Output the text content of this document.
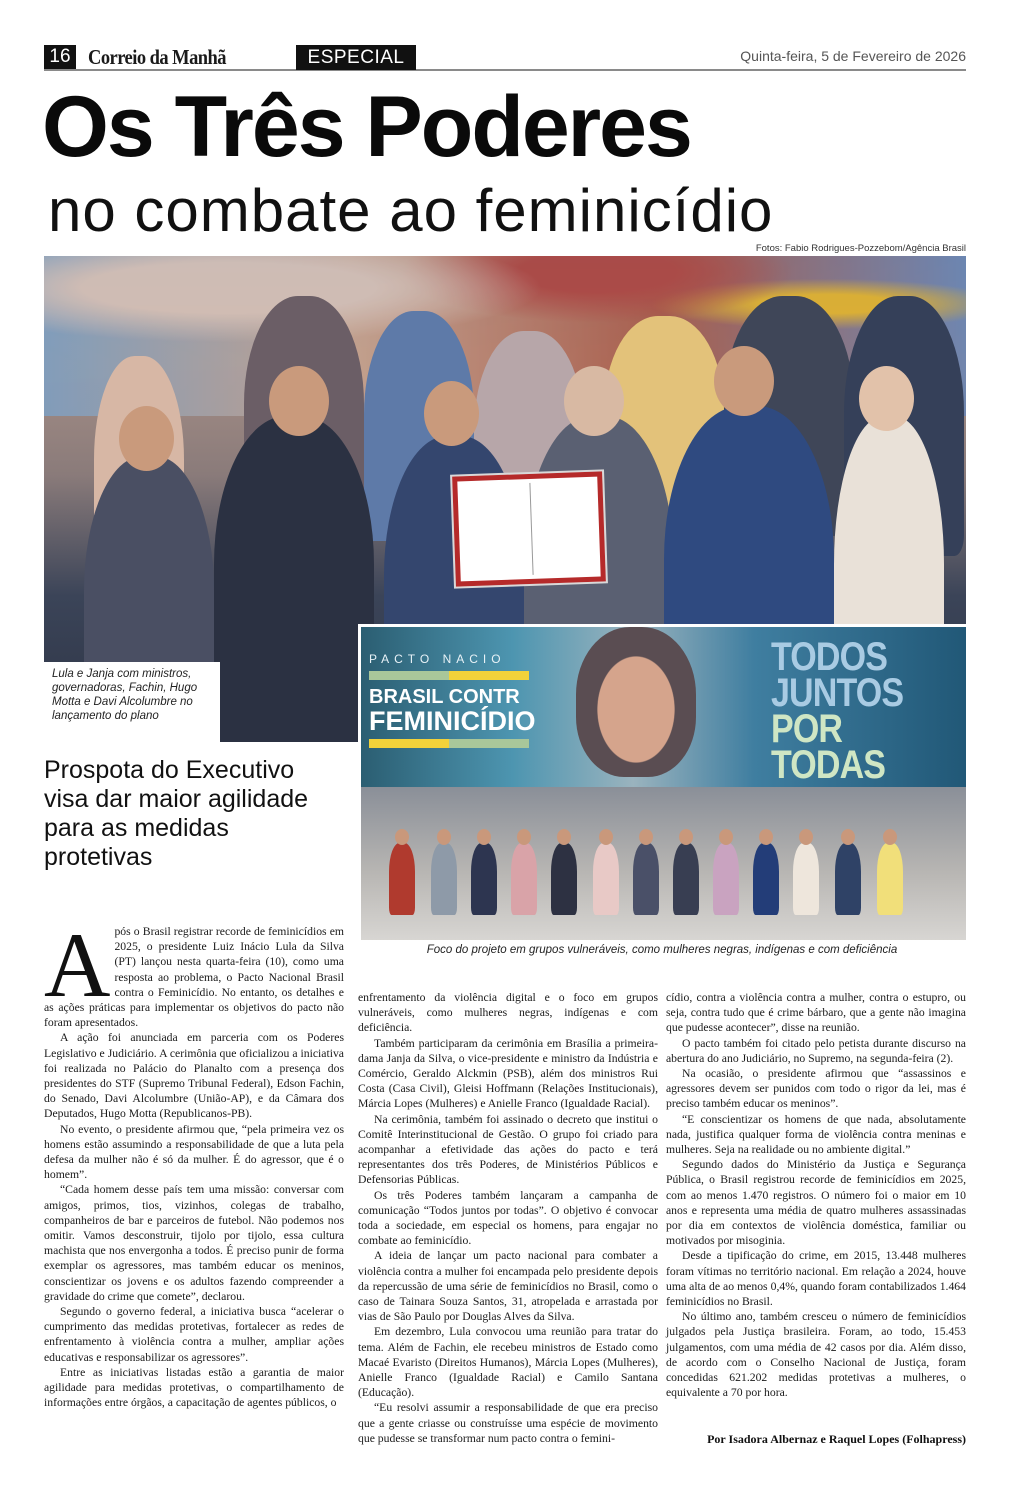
16 Correio da Manhã	ESPECIAL	Quinta-feira, 5 de Fevereiro de 2026
Os Três Poderes
no combate ao feminicídio
Fotos: Fabio Rodrigues-Pozzebom/Agência Brasil
Lula e Janja com ministros, governadoras, Fachin, Hugo Motta e Davi Alcolumbre no lançamento do plano
PACTO NACIO
BRASIL CONTR
FEMINICÍDIO
TODOS
JUNTOS
POR TODAS
Foco do projeto em grupos vulneráveis, como mulheres negras, indígenas e com deficiência
Prospota do Executivo visa dar maior agilidade para as medidas protetivas

Após o Brasil registrar recorde de feminicídios em 2025, o presidente Luiz Inácio Lula da Silva (PT) lançou nesta quarta-feira (10), como uma resposta ao problema, o Pacto Nacional Brasil contra o Feminicídio. No entanto, os detalhes e as ações práticas para implementar os objetivos do pacto não foram apresentados.

A ação foi anunciada em parceria com os Poderes Legislativo e Judiciário. A cerimônia que oficializou a iniciativa foi realizada no Palácio do Planalto com a presença dos presidentes do STF (Supremo Tribunal Federal), Edson Fachin, do Senado, Davi Alcolumbre (União-AP), e da Câmara dos Deputados, Hugo Motta (Republicanos-PB).

No evento, o presidente afirmou que, “pela primeira vez os homens estão assumindo a responsabilidade de que a luta pela defesa da mulher não é só da mulher. É do agressor, que é o homem”.

“Cada homem desse país tem uma missão: conversar com amigos, primos, tios, vizinhos, colegas de trabalho, companheiros de bar e parceiros de futebol. Não podemos nos omitir. Vamos desconstruir, tijolo por tijolo, essa cultura machista que nos envergonha a todos. É preciso punir de forma exemplar os agressores, mas também educar os meninos, conscientizar os jovens e os adultos fazendo compreender a gravidade do crime que comete”, declarou.

Segundo o governo federal, a iniciativa busca “acelerar o cumprimento das medidas protetivas, fortalecer as redes de enfrentamento à violência contra a mulher, ampliar ações educativas e responsabilizar os agressores”.

Entre as iniciativas listadas estão a garantia de maior agilidade para medidas protetivas, o compartilhamento de informações entre órgãos, a capacitação de agentes públicos, o

enfrentamento da violência digital e o foco em grupos vulneráveis, como mulheres negras, indígenas e com deficiência.

Também participaram da cerimônia em Brasília a primeira-dama Janja da Silva, o vice-presidente e ministro da Indústria e Comércio, Geraldo Alckmin (PSB), além dos ministros Rui Costa (Casa Civil), Gleisi Hoffmann (Relações Institucionais), Márcia Lopes (Mulheres) e Anielle Franco (Igualdade Racial).

Na cerimônia, também foi assinado o decreto que institui o Comitê Interinstitucional de Gestão. O grupo foi criado para acompanhar a efetividade das ações do pacto e terá representantes dos três Poderes, de Ministérios Públicos e Defensorias Públicas.

Os três Poderes também lançaram a campanha de comunicação “Todos juntos por todas”. O objetivo é convocar toda a sociedade, em especial os homens, para engajar no combate ao feminicídio.

A ideia de lançar um pacto nacional para combater a violência contra a mulher foi encampada pelo presidente depois da repercussão de uma série de feminicídios no Brasil, como o caso de Tainara Souza Santos, 31, atropelada e arrastada por vias de São Paulo por Douglas Alves da Silva.

Em dezembro, Lula convocou uma reunião para tratar do tema. Além de Fachin, ele recebeu ministros de Estado como Macaé Evaristo (Direitos Humanos), Márcia Lopes (Mulheres), Anielle Franco (Igualdade Racial) e Camilo Santana (Educação).

“Eu resolvi assumir a responsabilidade de que era preciso que a gente criasse ou construísse uma espécie de movimento que pudesse se transformar num pacto contra o femini-

cídio, contra a violência contra a mulher, contra o estupro, ou seja, contra tudo que é crime bárbaro, que a gente não imagina que pudesse acontecer”, disse na reunião.

O pacto também foi citado pelo petista durante discurso na abertura do ano Judiciário, no Supremo, na segunda-feira (2).

Na ocasião, o presidente afirmou que “assassinos e agressores devem ser punidos com todo o rigor da lei, mas é preciso também educar os meninos”.

“E conscientizar os homens de que nada, absolutamente nada, justifica qualquer forma de violência contra meninas e mulheres. Seja na realidade ou no ambiente digital.”

Segundo dados do Ministério da Justiça e Segurança Pública, o Brasil registrou recorde de feminicídios em 2025, com ao menos 1.470 registros. O número foi o maior em 10 anos e representa uma média de quatro mulheres assassinadas por dia em contextos de violência doméstica, familiar ou motivados por misoginia.

Desde a tipificação do crime, em 2015, 13.448 mulheres foram vítimas no território nacional. Em relação a 2024, houve uma alta de ao menos 0,4%, quando foram contabilizados 1.464 feminicídios no Brasil.

No último ano, também cresceu o número de feminicídios julgados pela Justiça brasileira. Foram, ao todo, 15.453 julgamentos, com uma média de 42 casos por dia. Além disso, de acordo com o Conselho Nacional de Justiça, foram concedidas 621.202 medidas protetivas a mulheres, o equivalente a 70 por hora.

Por Isadora Albernaz e Raquel Lopes (Folhapress)
